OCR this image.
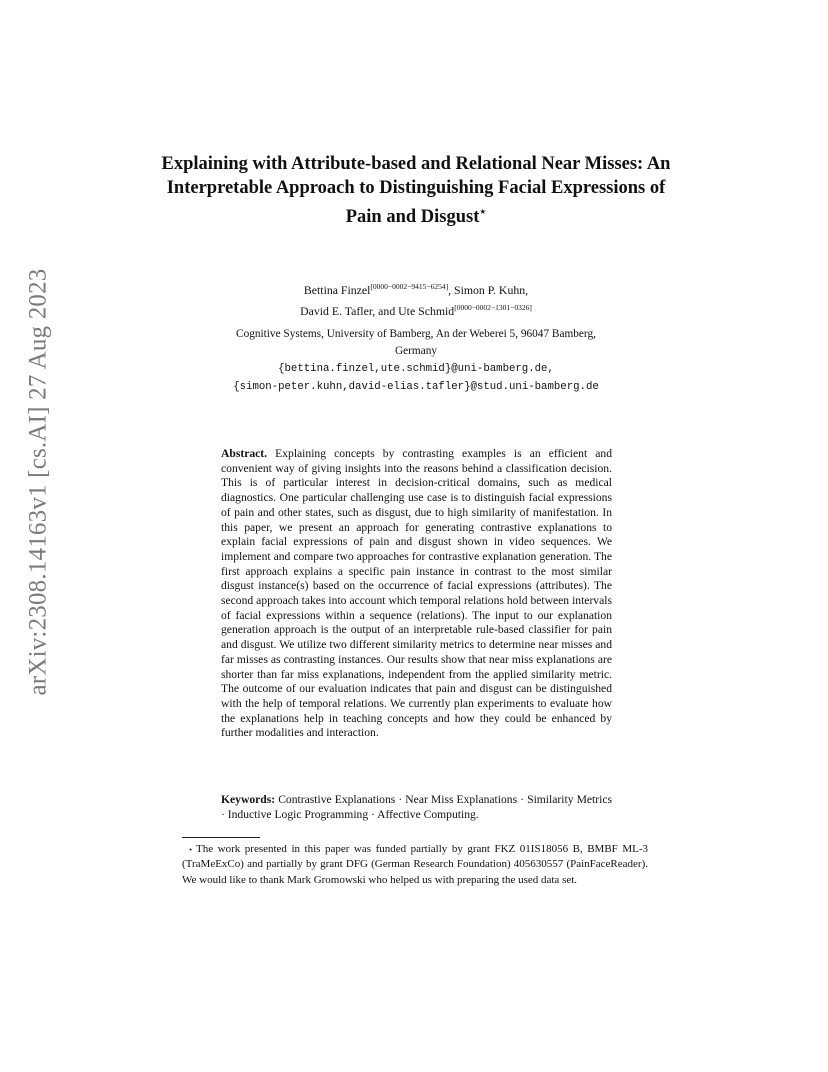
arXiv:2308.14163v1 [cs.AI] 27 Aug 2023
Explaining with Attribute-based and Relational Near Misses: An Interpretable Approach to Distinguishing Facial Expressions of Pain and Disgust⋆
Bettina Finzel[0000−0002−9415−6254], Simon P. Kuhn,
David E. Tafler, and Ute Schmid[0000−0002−1301−0326]
Cognitive Systems, University of Bamberg, An der Weberei 5, 96047 Bamberg,
Germany
{bettina.finzel,ute.schmid}@uni-bamberg.de,
{simon-peter.kuhn,david-elias.tafler}@stud.uni-bamberg.de
Abstract. Explaining concepts by contrasting examples is an efficient and convenient way of giving insights into the reasons behind a classification decision. This is of particular interest in decision-critical domains, such as medical diagnostics. One particular challenging use case is to distinguish facial expressions of pain and other states, such as disgust, due to high similarity of manifestation. In this paper, we present an approach for generating contrastive explanations to explain facial expressions of pain and disgust shown in video sequences. We implement and compare two approaches for contrastive explanation generation. The first approach explains a specific pain instance in contrast to the most similar disgust instance(s) based on the occurrence of facial expressions (attributes). The second approach takes into account which temporal relations hold between intervals of facial expressions within a sequence (relations). The input to our explanation generation approach is the output of an interpretable rule-based classifier for pain and disgust. We utilize two different similarity metrics to determine near misses and far misses as contrasting instances. Our results show that near miss explanations are shorter than far miss explanations, independent from the applied similarity metric. The outcome of our evaluation indicates that pain and disgust can be distinguished with the help of temporal relations. We currently plan experiments to evaluate how the explanations help in teaching concepts and how they could be enhanced by further modalities and interaction.
Keywords: Contrastive Explanations · Near Miss Explanations · Similarity Metrics · Inductive Logic Programming · Affective Computing.
⋆ The work presented in this paper was funded partially by grant FKZ 01IS18056 B, BMBF ML-3 (TraMeExCo) and partially by grant DFG (German Research Foundation) 405630557 (PainFaceReader). We would like to thank Mark Gromowski who helped us with preparing the used data set.
